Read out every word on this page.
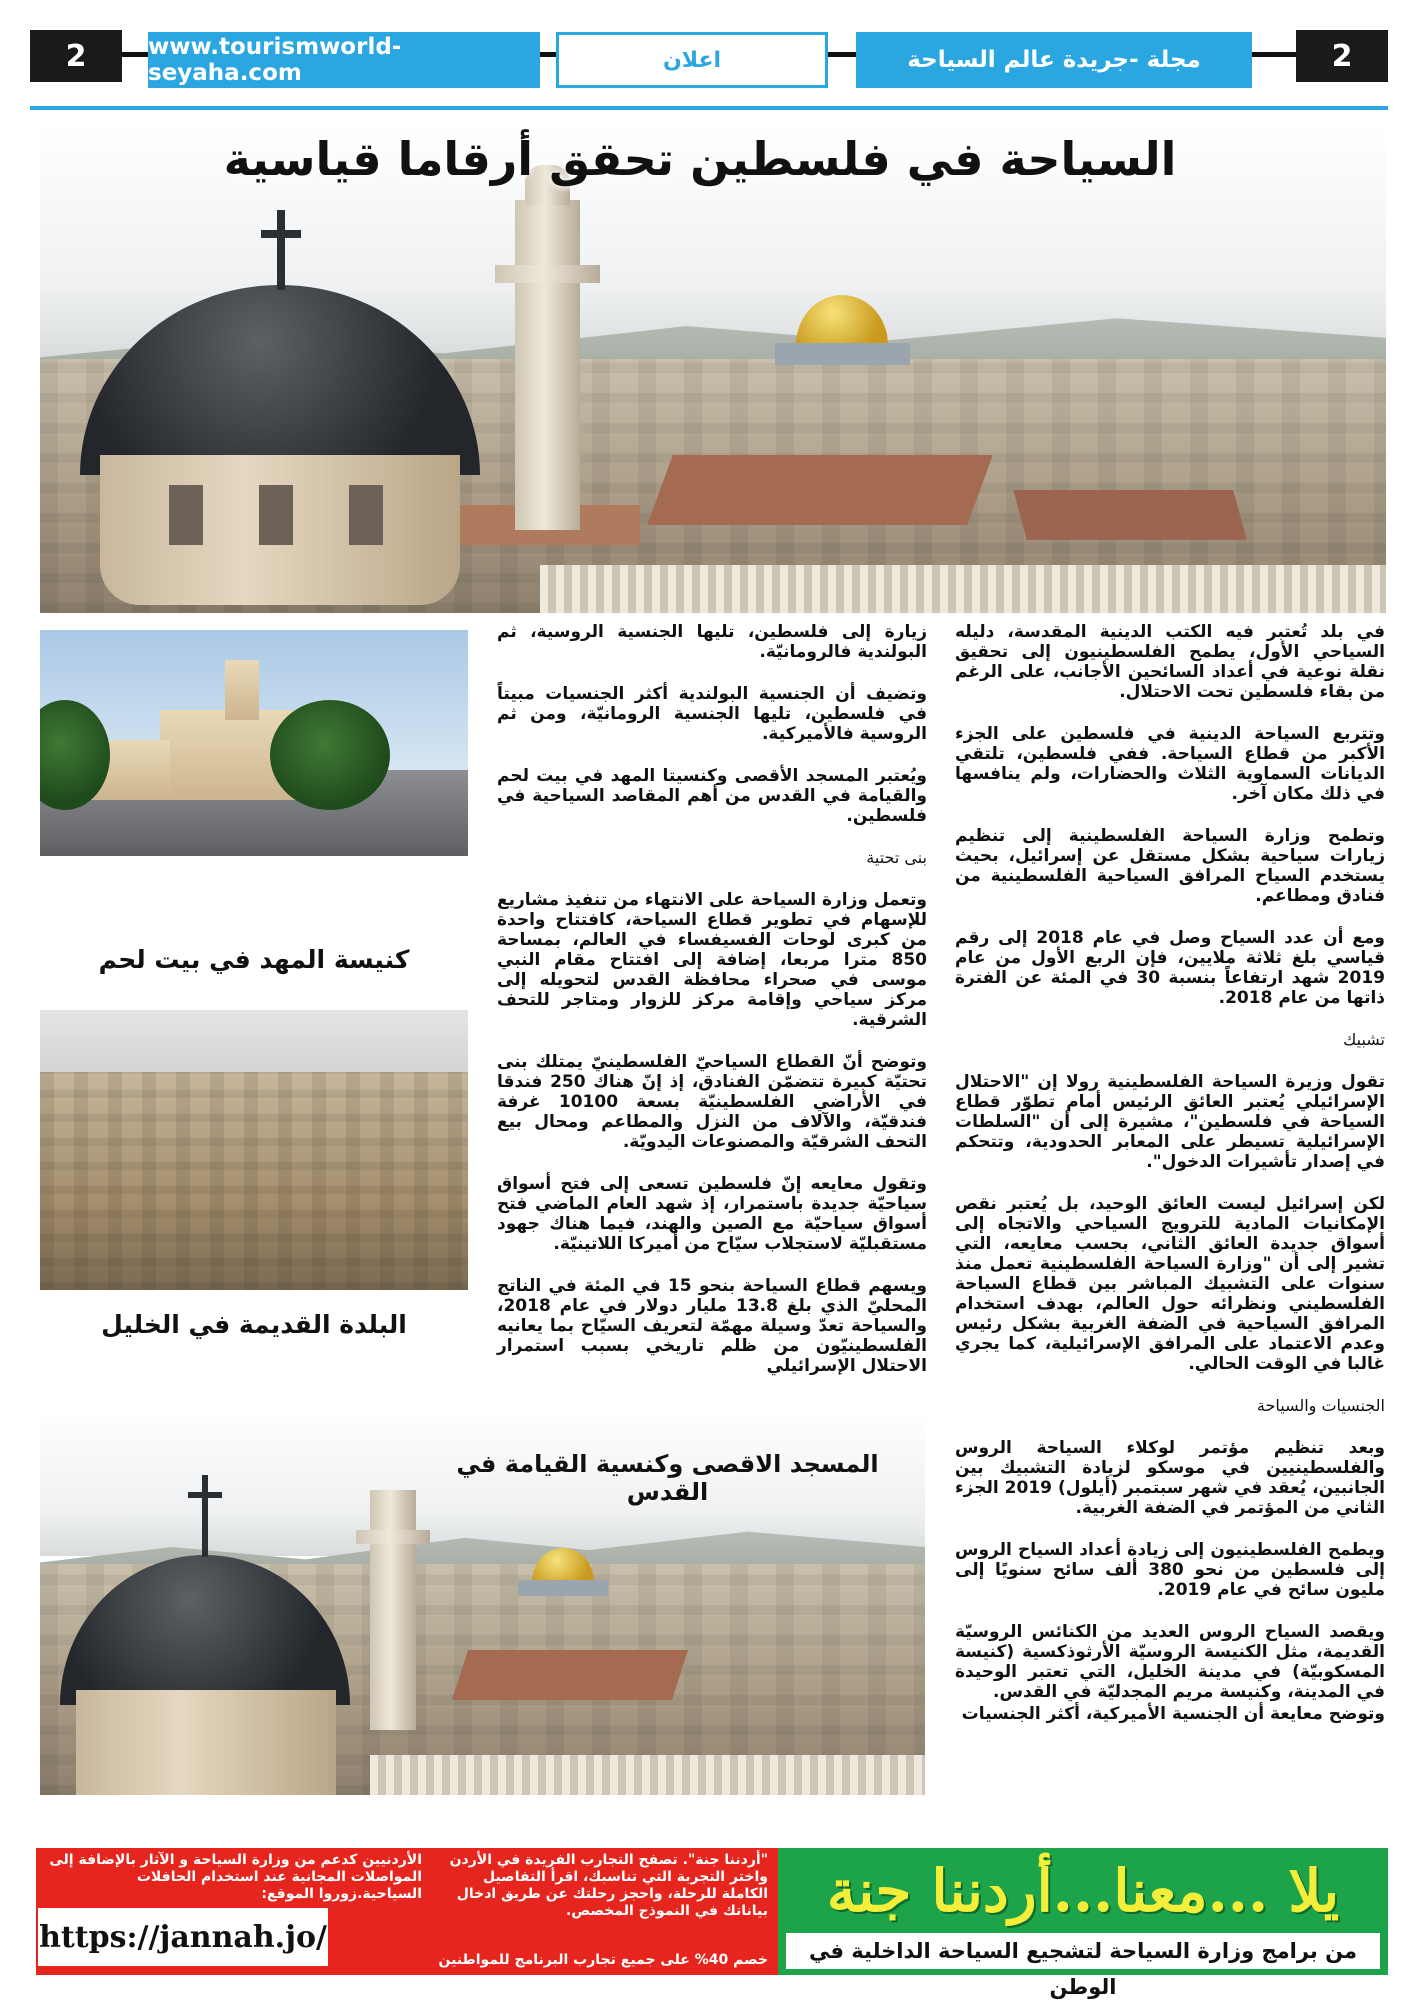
2	2
www.tourismworld-seyaha.com	اعلان	مجلة -جريدة عالم السياحة
السياحة في فلسطين تحقق أرقاما قياسية

في بلد تُعتبر فيه الكتب الدينية المقدسة، دليله السياحي الأول، يطمح الفلسطينيون إلى تحقيق نقلة نوعية في أعداد السائحين الأجانب، على الرغم من بقاء فلسطين تحت الاحتلال.

وتتربع السياحة الدينية في فلسطين على الجزء الأكبر من قطاع السياحة. ففي فلسطين، تلتقي الديانات السماوية الثلاث والحضارات، ولم ينافسها في ذلك مكان آخر.

وتطمح وزارة السياحة الفلسطينية إلى تنظيم زيارات سياحية بشكل مستقل عن إسرائيل، بحيث يستخدم السياح المرافق السياحية الفلسطينية من فنادق ومطاعم.

ومع أن عدد السياح وصل في عام 2018 إلى رقم قياسي بلغ ثلاثة ملايين، فإن الربع الأول من عام 2019 شهد ارتفاعاً بنسبة 30 في المئة عن الفترة ذاتها من عام 2018.

تشبيك

تقول وزيرة السياحة الفلسطينية رولا إن "الاحتلال الإسرائيلي يُعتبر العائق الرئيس أمام تطوّر قطاع السياحة في فلسطين"، مشيرة إلى أن "السلطات الإسرائيلية تسيطر على المعابر الحدودية، وتتحكم في إصدار تأشيرات الدخول".

لكن إسرائيل ليست العائق الوحيد، بل يُعتبر نقص الإمكانيات المادية للترويج السياحي والاتجاه إلى أسواق جديدة العائق الثاني، بحسب معايعه، التي تشير إلى أن "وزارة السياحة الفلسطينية تعمل منذ سنوات على التشبيك المباشر بين قطاع السياحة الفلسطيني ونظرائه حول العالم، بهدف استخدام المرافق السياحية في الضفة الغربية بشكل رئيس وعدم الاعتماد على المرافق الإسرائيلية، كما يجري غالبا في الوقت الحالي.

الجنسيات والسياحة

وبعد تنظيم مؤتمر لوكلاء السياحة الروس والفلسطينيين في موسكو لزيادة التشبيك بين الجانبين، يُعقد في شهر سبتمبر (أيلول) 2019 الجزء الثاني من المؤتمر في الضفة الغربية.

ويطمح الفلسطينيون إلى زيادة أعداد السياح الروس إلى فلسطين من نحو 380 ألف سائح سنويًا إلى مليون سائح في عام 2019.

ويقصد السياح الروس العديد من الكنائس الروسيّة القديمة، مثل الكنيسة الروسيّة الأرثوذكسية (كنيسة المسكوبيّة) في مدينة الخليل، التي تعتبر الوحيدة في المدينة، وكنيسة مريم المجدليّة في القدس.

وتوضح معايعة أن الجنسية الأميركية، أكثر الجنسيات

زيارة إلى فلسطين، تليها الجنسية الروسية، ثم البولندية فالرومانيّة.

وتضيف أن الجنسية البولندية أكثر الجنسيات مبيتاً في فلسطين، تليها الجنسية الرومانيّة، ومن ثم الروسية فالأميركية.

ويُعتبر المسجد الأقصى وكنسيتا المهد في بيت لحم والقيامة في القدس من أهم المقاصد السياحية في فلسطين.

بنى تحتية

وتعمل وزارة السياحة على الانتهاء من تنفيذ مشاريع للإسهام في تطوير قطاع السياحة، كافتتاح واحدة من كبرى لوحات الفسيفساء في العالم، بمساحة 850 مترا مربعا، إضافة إلى افتتاح مقام النبي موسى في صحراء محافظة القدس لتحويله إلى مركز سياحي وإقامة مركز للزوار ومتاجر للتحف الشرقية.

وتوضح أنّ القطاع السياحيّ الفلسطينيّ يمتلك بنى تحتيّة كبيرة تتضمّن الفنادق، إذ إنّ هناك 250 فندقا في الأراضي الفلسطينيّة بسعة 10100 غرفة فندقيّة، والآلاف من النزل والمطاعم ومحال بيع التحف الشرقيّة والمصنوعات اليدويّة.

وتقول معايعه إنّ فلسطين تسعى إلى فتح أسواق سياحيّة جديدة باستمرار، إذ شهد العام الماضي فتح أسواق سياحيّة مع الصين والهند، فيما هناك جهود مستقبليّة لاستجلاب سيّاح من أميركا اللاتينيّة.

ويسهم قطاع السياحة بنحو 15 في المئة في الناتج المحليّ الذي بلغ 13.8 مليار دولار في عام 2018، والسياحة تعدّ وسيلة مهمّة لتعريف السيّاح بما يعانيه الفلسطينيّون من ظلم تاريخي بسبب استمرار الاحتلال الإسرائيلي

كنيسة المهد في بيت لحم
البلدة القديمة في الخليل
المسجد الاقصى وكنسية القيامة في القدس
"أردننا جنة". تصفح التجارب الفريدة في الأردن واختر التجربة التي تناسبك، اقرأ التفاصيل الكاملة للرحلة، واحجز رحلتك عن طريق ادخال بياناتك في النموذج المخصص.
خصم 40% على جميع تجارب البرنامج للمواطنين
الأردنيين كدعم من وزارة السياحة و الآثار بالإضافة إلى المواصلات المجانية عند استخدام الحافلات السياحية.زوروا الموقع:
https://jannah.jo/
يلا ...معنا...أردننا جنة
من برامج وزارة السياحة لتشجيع السياحة الداخلية في الوطن
